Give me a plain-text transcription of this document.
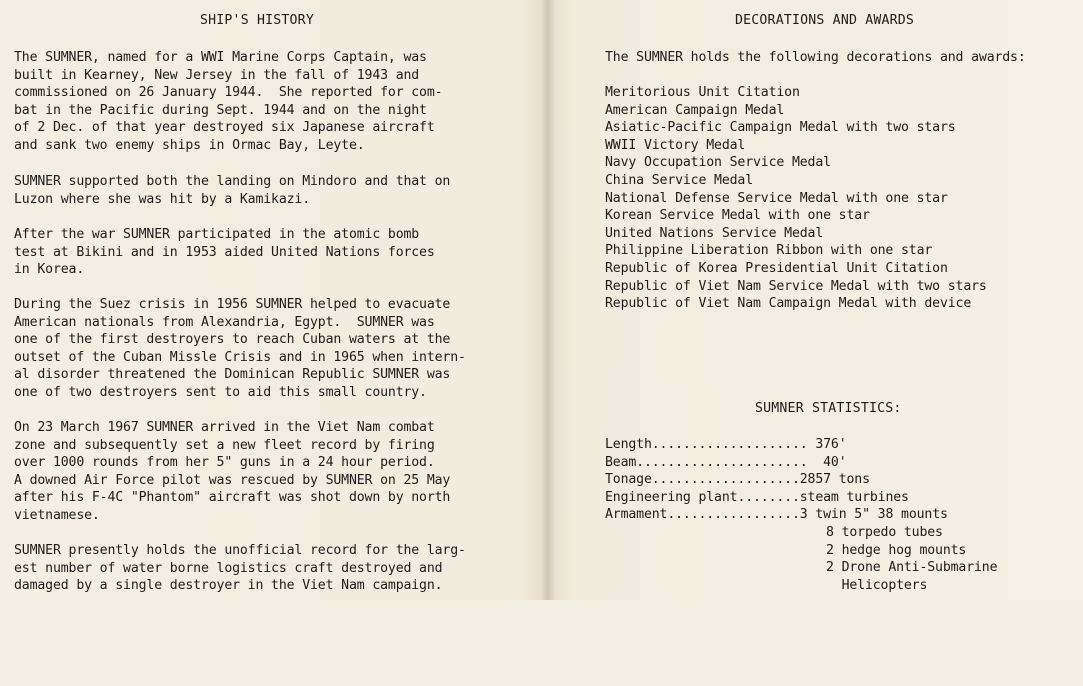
SHIP'S HISTORY

The SUMNER, named for a WWI Marine Corps Captain, was
built in Kearney, New Jersey in the fall of 1943 and
commissioned on 26 January 1944.  She reported for com-
bat in the Pacific during Sept. 1944 and on the night
of 2 Dec. of that year destroyed six Japanese aircraft
and sank two enemy ships in Ormac Bay, Leyte.

SUMNER supported both the landing on Mindoro and that on
Luzon where she was hit by a Kamikazi.

After the war SUMNER participated in the atomic bomb
test at Bikini and in 1953 aided United Nations forces
in Korea.

During the Suez crisis in 1956 SUMNER helped to evacuate
American nationals from Alexandria, Egypt.  SUMNER was
one of the first destroyers to reach Cuban waters at the
outset of the Cuban Missle Crisis and in 1965 when intern-
al disorder threatened the Dominican Republic SUMNER was
one of two destroyers sent to aid this small country.

On 23 March 1967 SUMNER arrived in the Viet Nam combat
zone and subsequently set a new fleet record by firing
over 1000 rounds from her 5" guns in a 24 hour period.
A downed Air Force pilot was rescued by SUMNER on 25 May
after his F-4C "Phantom" aircraft was shot down by north
vietnamese.

SUMNER presently holds the unofficial record for the larg-
est number of water borne logistics craft destroyed and
damaged by a single destroyer in the Viet Nam campaign.

DECORATIONS AND AWARDS

The SUMNER holds the following decorations and awards:

Meritorious Unit Citation

American Campaign Medal

Asiatic-Pacific Campaign Medal with two stars

WWII Victory Medal

Navy Occupation Service Medal

China Service Medal

National Defense Service Medal with one star

Korean Service Medal with one star

United Nations Service Medal

Philippine Liberation Ribbon with one star

Republic of Korea Presidential Unit Citation

Republic of Viet Nam Service Medal with two stars

Republic of Viet Nam Campaign Medal with device

SUMNER STATISTICS:

Length.................... 376'

Beam......................  40'

Tonage...................2857 tons

Engineering plant........steam turbines

Armament.................3 twin 5" 38 mounts

8 torpedo tubes

2 hedge hog mounts

2 Drone Anti-Submarine

Helicopters
